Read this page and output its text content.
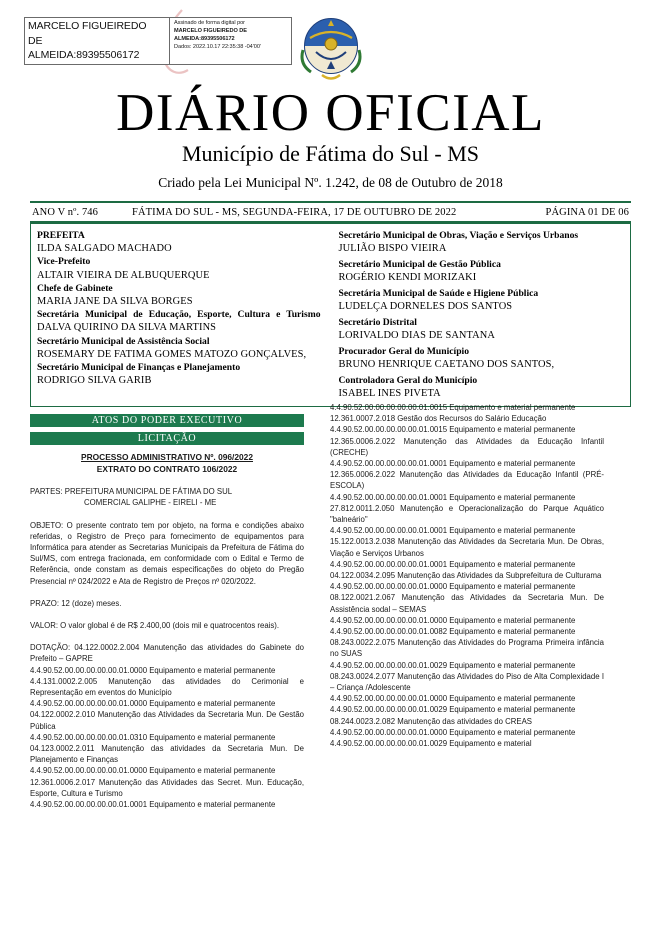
MARCELO FIGUEIREDO
DE
ALMEIDA:89395506172
Assinado de forma digital por
MARCELO FIGUEIREDO DE
ALMEIDA:89395506172
Dados: 2022.10.17 22:35:38 -04'00'
DIÁRIO OFICIAL
Município de Fátima do Sul - MS
Criado pela Lei Municipal Nº. 1.242, de 08 de Outubro de 2018
ANO V nº. 746	FÁTIMA DO SUL - MS, SEGUNDA-FEIRA, 17 DE OUTUBRO DE 2022	PÁGINA 01 DE 06
PREFEITA
ILDA SALGADO MACHADO
Vice-Prefeito
ALTAIR VIEIRA DE ALBUQUERQUE
Chefe de Gabinete
MARIA JANE DA SILVA BORGES
Secretária Municipal de Educação, Esporte, Cultura e Turismo
DALVA QUIRINO DA SILVA MARTINS
Secretário Municipal de Assistência Social
ROSEMARY DE FATIMA GOMES MATOZO GONÇALVES,
Secretário Municipal de Finanças e Planejamento
RODRIGO SILVA GARIB
Secretário Municipal de Obras, Viação e Serviços Urbanos
JULIÃO BISPO VIEIRA
Secretário Municipal de Gestão Pública
ROGÉRIO KENDI MORIZAKI
Secretária Municipal de Saúde e Higiene Pública
LUDELÇA DORNELES DOS SANTOS
Secretário Distrital
LORIVALDO DIAS DE SANTANA
Procurador Geral do Município
BRUNO HENRIQUE CAETANO DOS SANTOS,
Controladora Geral do Município
ISABEL INES PIVETA
ATOS DO PODER EXECUTIVO
LICITAÇÃO
PROCESSO ADMINISTRATIVO Nº. 096/2022
EXTRATO DO CONTRATO 106/2022
PARTES: PREFEITURA MUNICIPAL DE FÁTIMA DO SUL
COMERCIAL GALIPHE - EIRELI - ME

OBJETO: O presente contrato tem por objeto, na forma e condições abaixo referidas, o Registro de Preço para fornecimento de equipamentos para Informática para atender as Secretarias Municipais da Prefeitura de Fátima do Sul/MS, com entrega fracionada, em conformidade com o Edital e Termo de Referência, onde constam as demais especificações do objeto do Pregão Presencial nº 024/2022 e Ata de Registro de Preços nº 020/2022.

PRAZO: 12 (doze) meses.

VALOR: O valor global é de R$ 2.400,00 (dois mil e quatrocentos reais).

DOTAÇÃO: 04.122.0002.2.004 Manutenção das atividades do Gabinete do Prefeito – GAPRE

4.4.90.52.00.00.00.00.00.01.0000 Equipamento e material permanente

4.4.131.0002.2.005 Manutenção das atividades do Cerimonial e Representação em eventos do Município

4.4.90.52.00.00.00.00.00.01.0000 Equipamento e material permanente

04.122.0002.2.010 Manutenção das Atividades da Secretaria Mun. De Gestão Pública

4.4.90.52.00.00.00.00.00.01.0310 Equipamento e material permanente

04.123.0002.2.011 Manutenção das atividades da Secretaria Mun. De Planejamento e Finanças

4.4.90.52.00.00.00.00.00.01.0000 Equipamento e material permanente

12.361.0006.2.017 Manutenção das Atividades das Secret. Mun. Educação, Esporte, Cultura e Turismo

4.4.90.52.00.00.00.00.00.01.0001 Equipamento e material permanente

4.4.90.52.00.00.00.00.00.01.0015 Equipamento e material permanente

12.361.0007.2.018 Gestão dos Recursos do Salário Educação

4.4.90.52.00.00.00.00.00.01.0015 Equipamento e material permanente

12.365.0006.2.022 Manutenção das Atividades da Educação Infantil (CRECHE)

4.4.90.52.00.00.00.00.00.01.0001 Equipamento e material permanente

12.365.0006.2.022 Manutenção das Atividades da Educação Infantil (PRÉ-ESCOLA)

4.4.90.52.00.00.00.00.00.01.0001 Equipamento e material permanente

27.812.0011.2.050 Manutenção e Operacionalização do Parque Aquático "balneário"

4.4.90.52.00.00.00.00.00.01.0001 Equipamento e material permanente

15.122.0013.2.038 Manutenção das Atividades da Secretaria Mun. De Obras, Viação e Serviços Urbanos

4.4.90.52.00.00.00.00.00.01.0001 Equipamento e material permanente

04.122.0034.2.095 Manutenção das Atividades da Subprefeitura de Culturama

4.4.90.52.00.00.00.00.00.01.0000 Equipamento e material permanente

08.122.0021.2.067 Manutenção das Atividades da Secretaria Mun. De Assistência sodal – SEMAS

4.4.90.52.00.00.00.00.00.01.0000 Equipamento e material permanente

4.4.90.52.00.00.00.00.00.01.0082 Equipamento e material permanente

08.243.0022.2.075 Manutenção das Atividades do Programa Primeira infância no SUAS

4.4.90.52.00.00.00.00.00.01.0029 Equipamento e material permanente

08.243.0024.2.077 Manutenção das Atividades do Piso de Alta Complexidade I – Criança /Adolescente

4.4.90.52.00.00.00.00.00.01.0000 Equipamento e material permanente

4.4.90.52.00.00.00.00.00.01.0029 Equipamento e material permanente

08.244.0023.2.082 Manutenção das atividades do CREAS

4.4.90.52.00.00.00.00.00.01.0000 Equipamento e material permanente

4.4.90.52.00.00.00.00.00.01.0029 Equipamento e material
